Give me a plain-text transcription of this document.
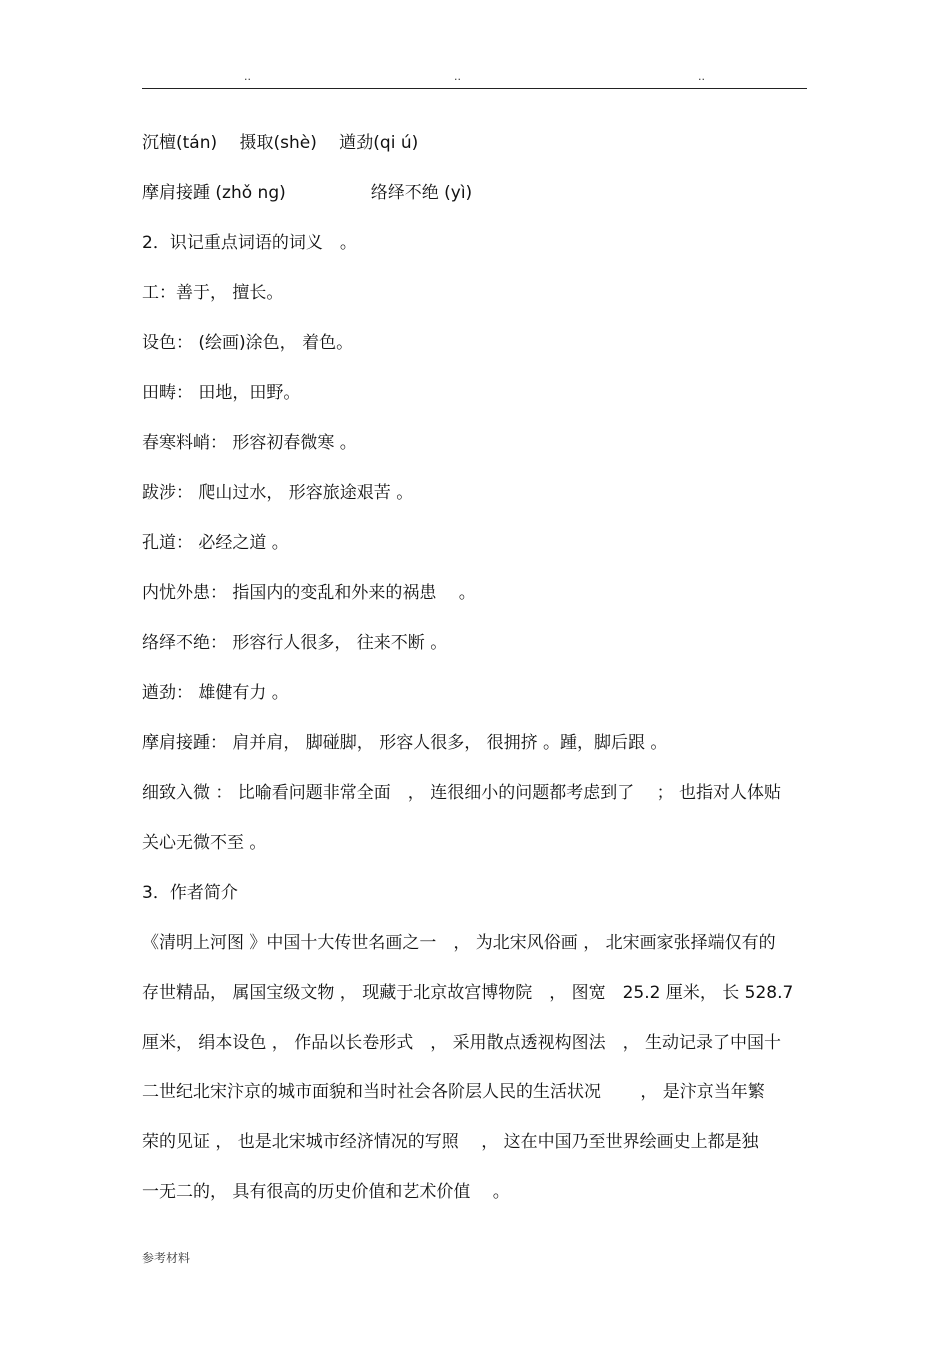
..	..	..
沉檀(tán)　 摄取(shè)　 遒劲(qi ú)
摩肩接踵 (zhǒ ng)　　　　　络绎不绝 (yì)
2．识记重点词语的词义　。
工：善于， 擅长。
设色： (绘画)涂色， 着色。
田畴： 田地，田野。
春寒料峭： 形容初春微寒 。
跋涉： 爬山过水， 形容旅途艰苦 。
孔道： 必经之道 。
内忧外患： 指国内的变乱和外来的祸患　 。
络绎不绝： 形容行人很多， 往来不断 。
遒劲： 雄健有力 。
摩肩接踵： 肩并肩， 脚碰脚， 形容人很多， 很拥挤 。踵，脚后跟 。
细致入微 ： 比喻看问题非常全面　， 连很细小的问题都考虑到了　 ； 也指对人体贴
关心无微不至 。
3．作者简介
《清明上河图 》中国十大传世名画之一　， 为北宋风俗画 ， 北宋画家张择端仅有的
存世精品， 属国宝级文物 ， 现藏于北京故宫博物院　， 图宽　25.2 厘米， 长 528.7
厘米， 绢本设色 ， 作品以长卷形式　， 采用散点透视构图法　， 生动记录了中国十
二世纪北宋汴京的城市面貌和当时社会各阶层人民的生活状况　　 ， 是汴京当年繁
荣的见证 ， 也是北宋城市经济情况的写照　 ， 这在中国乃至世界绘画史上都是独
一无二的， 具有很高的历史价值和艺术价值　 。
参考材料
